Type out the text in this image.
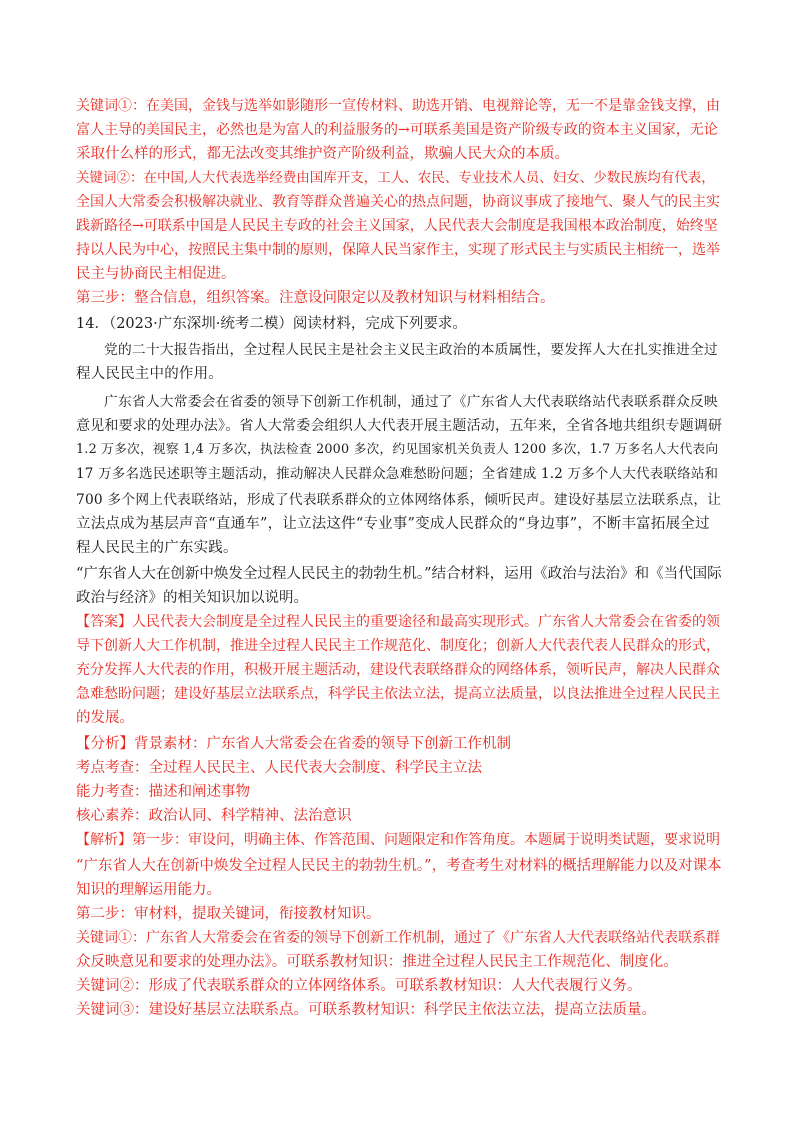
关键词①：在美国，金钱与选举如影随形一宣传材料、助选开销、电视辩论等，无一不是靠金钱支撑，由
富人主导的美国民主，必然也是为富人的利益服务的→可联系美国是资产阶级专政的资本主义国家，无论
采取什么样的形式，都无法改变其维护资产阶级利益，欺骗人民大众的本质。
关键词②：在中国,人大代表选举经费由国库开支，工人、农民、专业技术人员、妇女、少数民族均有代表，
全国人大常委会积极解决就业、教育等群众普遍关心的热点问题，协商议事成了接地气、聚人气的民主实
践新路径→可联系中国是人民民主专政的社会主义国家，人民代表大会制度是我国根本政治制度，始终坚
持以人民为中心，按照民主集中制的原则，保障人民当家作主，实现了形式民主与实质民主相统一，选举
民主与协商民主相促进。
第三步：整合信息，组织答案。注意设问限定以及教材知识与材料相结合。
14．（2023·广东深圳·统考二模）阅读材料，完成下列要求。
党的二十大报告指出，全过程人民民主是社会主义民主政治的本质属性，要发挥人大在扎实推进全过
程人民民主中的作用。
广东省人大常委会在省委的领导下创新工作机制，通过了《广东省人大代表联络站代表联系群众反映
意见和要求的处理办法》。省人大常委会组织人大代表开展主题活动，五年来，全省各地共组织专题调研
1.2 万多次，视察 1,4 万多次，执法检查 2000 多次，约见国家机关负责人 1200 多次，1.7 万多名人大代表向
17 万多名选民述职等主题活动，推动解决人民群众急难愁盼问题；全省建成 1.2 万多个人大代表联络站和
700 多个网上代表联络站，形成了代表联系群众的立体网络体系，倾听民声。建设好基层立法联系点，让
立法点成为基层声音“直通车”，让立法这件“专业事”变成人民群众的“身边事”，不断丰富拓展全过
程人民民主的广东实践。
“广东省人大在创新中焕发全过程人民民主的勃勃生机。”结合材料，运用《政治与法治》和《当代国际
政治与经济》的相关知识加以说明。
【答案】人民代表大会制度是全过程人民民主的重要途径和最高实现形式。广东省人大常委会在省委的领
导下创新人大工作机制，推进全过程人民民主工作规范化、制度化；创新人大代表代表人民群众的形式，
充分发挥人大代表的作用，积极开展主题活动，建设代表联络群众的网络体系，领听民声，解决人民群众
急难愁盼问题；建设好基层立法联系点，科学民主依法立法，提高立法质量，以良法推进全过程人民民主
的发展。
【分析】背景素材：广东省人大常委会在省委的领导下创新工作机制
考点考查：全过程人民民主、人民代表大会制度、科学民主立法
能力考查：描述和阐述事物
核心素养：政治认同、科学精神、法治意识
【解析】第一步：审设问，明确主体、作答范围、问题限定和作答角度。本题属于说明类试题，要求说明
“广东省人大在创新中焕发全过程人民民主的勃勃生机。”，考查考生对材料的概括理解能力以及对课本
知识的理解运用能力。
第二步：审材料，提取关键词，衔接教材知识。
关键词①：广东省人大常委会在省委的领导下创新工作机制，通过了《广东省人大代表联络站代表联系群
众反映意见和要求的处理办法》。可联系教材知识：推进全过程人民民主工作规范化、制度化。
关键词②：形成了代表联系群众的立体网络体系。可联系教材知识：人大代表履行义务。
关键词③：建设好基层立法联系点。可联系教材知识：科学民主依法立法，提高立法质量。
